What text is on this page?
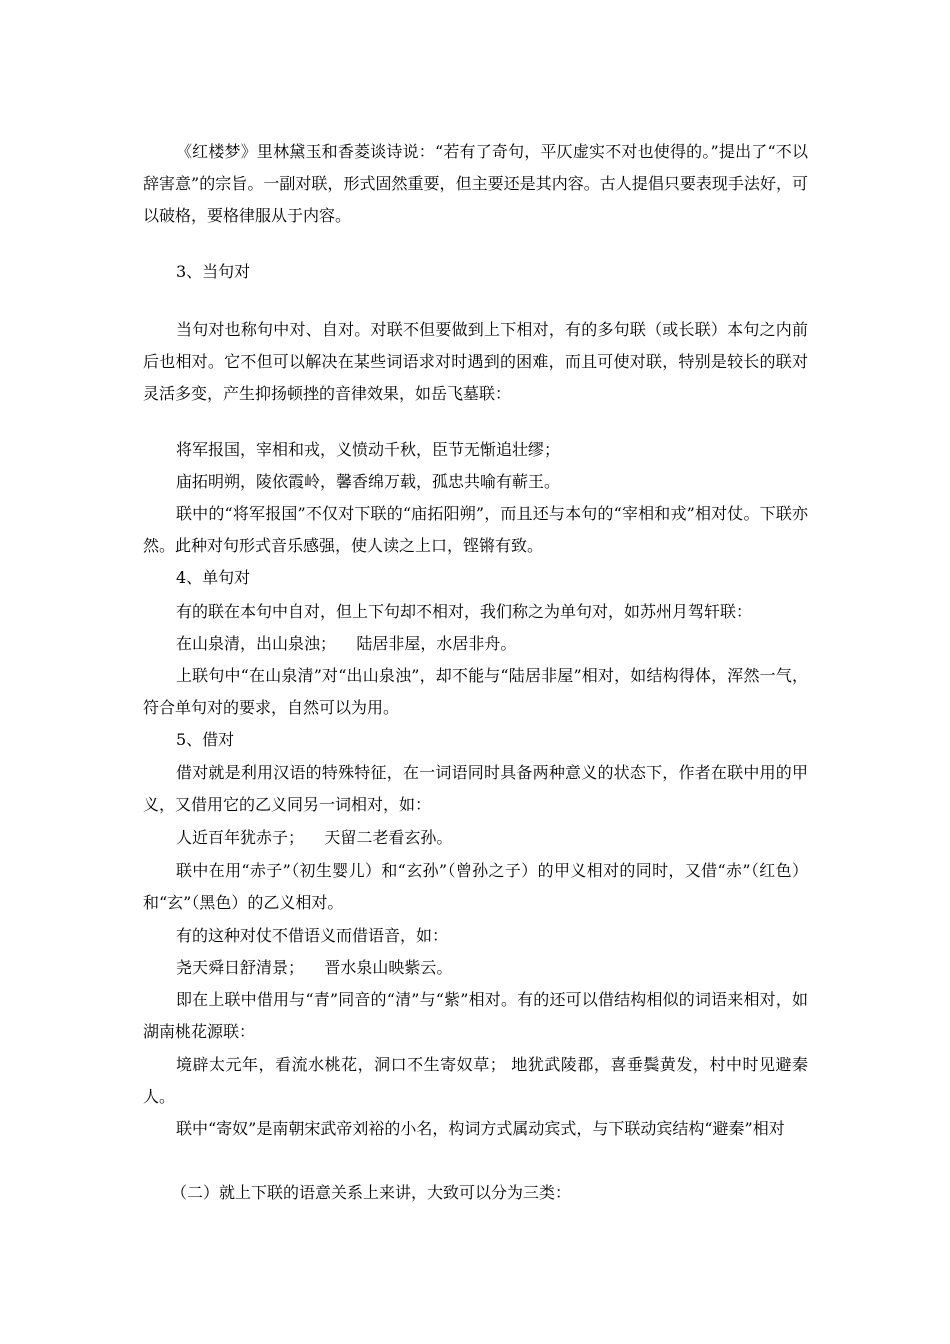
《红楼梦》里林黛玉和香菱谈诗说：“若有了奇句，平仄虚实不对也使得的。”提出了“不以辞害意”的宗旨。一副对联，形式固然重要，但主要还是其内容。古人提倡只要表现手法好，可以破格，要格律服从于内容。

3、当句对

当句对也称句中对、自对。对联不但要做到上下相对，有的多句联（或长联）本句之内前后也相对。它不但可以解决在某些词语求对时遇到的困难，而且可使对联，特别是较长的联对灵活多变，产生抑扬顿挫的音律效果，如岳飞墓联：

将军报国，宰相和戎，义愤动千秋，臣节无惭追壮缪；

庙拓明朔，陵依霞岭，馨香绵万载，孤忠共喻有蕲王。

联中的“将军报国”不仅对下联的“庙拓阳朔”，而且还与本句的“宰相和戎”相对仗。下联亦然。此种对句形式音乐感强，使人读之上口，铿锵有致。

4、单句对

有的联在本句中自对，但上下句却不相对，我们称之为单句对，如苏州月驾轩联：

在山泉清，出山泉浊；    陆居非屋，水居非舟。

上联句中“在山泉清”对“出山泉浊”，却不能与“陆居非屋”相对，如结构得体，浑然一气，符合单句对的要求，自然可以为用。

5、借对

借对就是利用汉语的特殊特征，在一词语同时具备两种意义的状态下，作者在联中用的甲义，又借用它的乙义同另一词相对，如：

人近百年犹赤子；    天留二老看玄孙。

联中在用“赤子”（初生婴儿）和“玄孙”（曾孙之子）的甲义相对的同时，又借“赤”（红色）和“玄”（黑色）的乙义相对。

有的这种对仗不借语义而借语音，如：

尧天舜日舒清景；    晋水泉山映紫云。

即在上联中借用与“青”同音的“清”与“紫”相对。有的还可以借结构相似的词语来相对，如湖南桃花源联：

境辟太元年，看流水桃花，洞口不生寄奴草； 地犹武陵郡，喜垂鬓黄发，村中时见避秦人。

联中“寄奴”是南朝宋武帝刘裕的小名，构词方式属动宾式，与下联动宾结构“避秦”相对

（二）就上下联的语意关系上来讲，大致可以分为三类：
